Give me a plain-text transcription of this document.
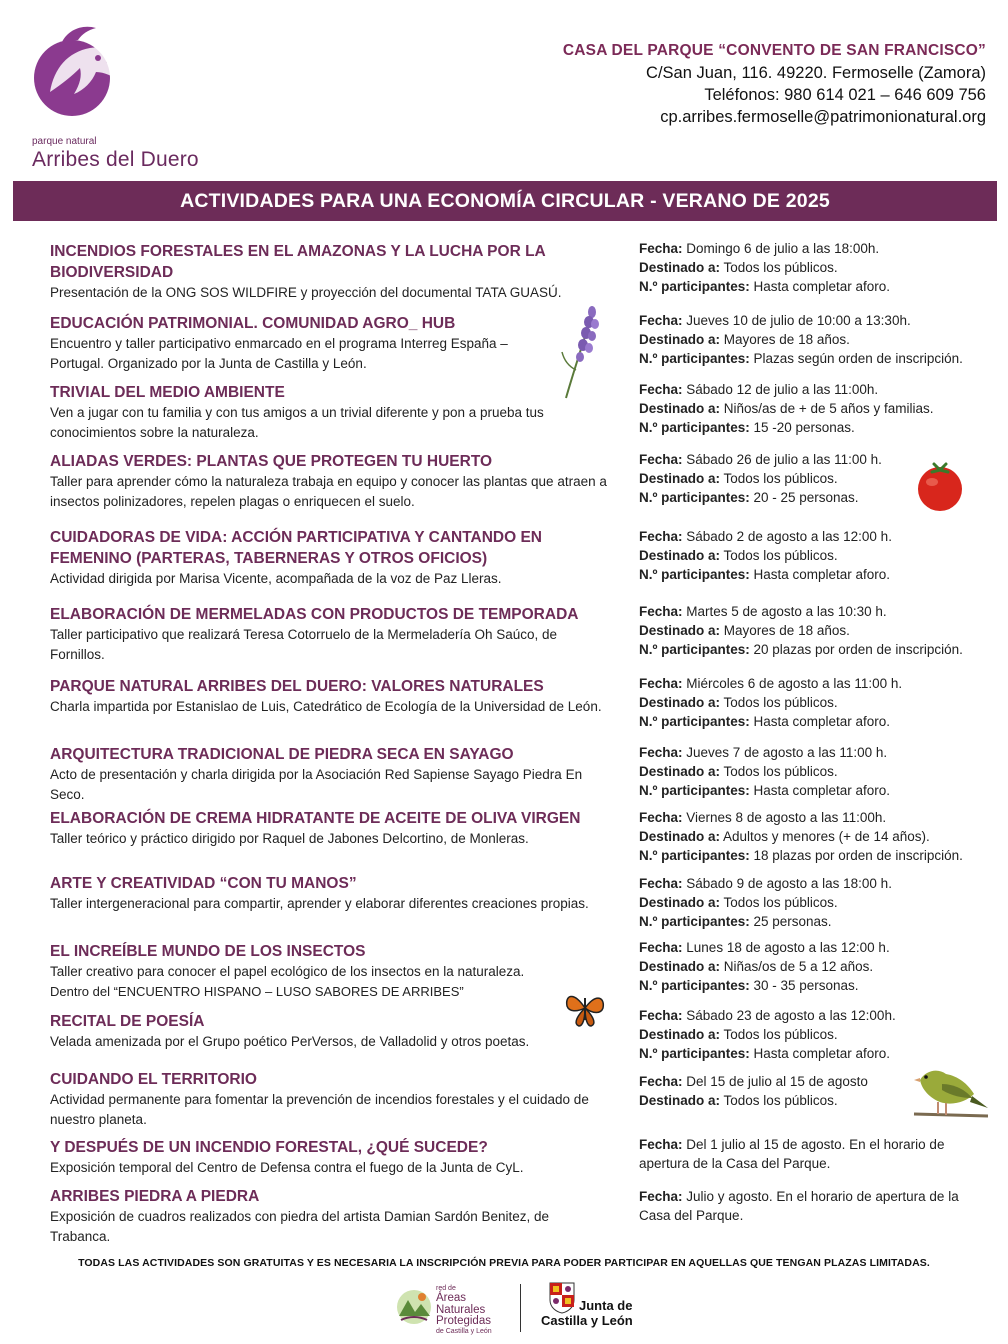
parque natural
Arribes del Duero
CASA DEL PARQUE “CONVENTO DE SAN FRANCISCO”
C/San Juan, 116. 49220. Fermoselle (Zamora)
Teléfonos: 980 614 021 – 646 609 756
cp.arribes.fermoselle@patrimonionatural.org
ACTIVIDADES PARA UNA ECONOMÍA CIRCULAR - VERANO DE 2025
INCENDIOS FORESTALES EN EL AMAZONAS Y LA LUCHA POR LA BIODIVERSIDAD
Presentación de la ONG SOS WILDFIRE y proyección del documental TATA GUASÚ.
EDUCACIÓN PATRIMONIAL. COMUNIDAD AGRO_ HUB
Encuentro y taller participativo enmarcado en el programa Interreg España – Portugal. Organizado por la Junta de Castilla y León.
TRIVIAL DEL MEDIO AMBIENTE
Ven a jugar con tu familia y con tus amigos a un trivial diferente y pon a prueba tus conocimientos sobre la naturaleza.
ALIADAS VERDES: PLANTAS QUE PROTEGEN TU HUERTO
Taller para aprender cómo la naturaleza trabaja en equipo y conocer las plantas que atraen a insectos polinizadores, repelen plagas o enriquecen el suelo.
CUIDADORAS DE VIDA: ACCIÓN PARTICIPATIVA Y CANTANDO EN FEMENINO (PARTERAS, TABERNERAS Y OTROS OFICIOS)
Actividad dirigida por Marisa Vicente, acompañada de la voz de Paz Lleras.
ELABORACIÓN DE MERMELADAS CON PRODUCTOS DE TEMPORADA
Taller participativo que realizará Teresa Cotorruelo de la Mermeladería Oh Saúco, de Fornillos.
PARQUE NATURAL ARRIBES DEL DUERO: VALORES NATURALES
Charla impartida por Estanislao de Luis, Catedrático de Ecología de la Universidad de León.
ARQUITECTURA TRADICIONAL DE PIEDRA SECA EN SAYAGO
Acto de presentación y charla dirigida por la Asociación Red Sapiense Sayago Piedra En Seco.
ELABORACIÓN DE CREMA HIDRATANTE DE ACEITE DE OLIVA VIRGEN
Taller teórico y práctico dirigido por Raquel de Jabones Delcortino, de Monleras.
ARTE Y CREATIVIDAD “CON TU MANOS”
Taller intergeneracional para compartir, aprender y elaborar diferentes creaciones propias.
EL INCREÍBLE MUNDO DE LOS INSECTOS
Taller creativo para conocer el papel ecológico de los insectos en la naturaleza.
Dentro del “ENCUENTRO HISPANO – LUSO SABORES DE ARRIBES”
RECITAL DE POESÍA
Velada amenizada por el Grupo poético PerVersos, de Valladolid y otros poetas.
CUIDANDO EL TERRITORIO
Actividad permanente para fomentar la prevención de incendios forestales y el cuidado de nuestro planeta.
Y DESPUÉS DE UN INCENDIO FORESTAL, ¿QUÉ SUCEDE?
Exposición temporal del Centro de Defensa contra el fuego de la Junta de CyL.
ARRIBES PIEDRA A PIEDRA
Exposición de cuadros realizados con piedra del artista Damian Sardón Benitez, de Trabanca.
Fecha: Domingo 6 de julio a las 18:00h.
Destinado a: Todos los públicos.
N.º participantes: Hasta completar aforo.
Fecha: Jueves 10 de julio de 10:00 a 13:30h.
Destinado a: Mayores de 18 años.
N.º participantes: Plazas según orden de inscripción.
Fecha: Sábado 12 de julio a las 11:00h.
Destinado a: Niños/as de + de 5 años y familias.
N.º participantes: 15 -20 personas.
Fecha: Sábado 26 de julio a las 11:00 h.
Destinado a: Todos los públicos.
N.º participantes: 20 - 25 personas.
Fecha: Sábado 2 de agosto a las 12:00 h.
Destinado a: Todos los públicos.
N.º participantes: Hasta completar aforo.
Fecha: Martes 5 de agosto a las 10:30 h.
Destinado a: Mayores de 18 años.
N.º participantes: 20 plazas por orden de inscripción.
Fecha: Miércoles 6 de agosto a las 11:00 h.
Destinado a: Todos los públicos.
N.º participantes: Hasta completar aforo.
Fecha: Jueves 7 de agosto a las 11:00 h.
Destinado a: Todos los públicos.
N.º participantes: Hasta completar aforo.
Fecha: Viernes 8 de agosto a las 11:00h.
Destinado a: Adultos y menores (+ de 14 años).
N.º participantes: 18 plazas por orden de inscripción.
Fecha: Sábado 9 de agosto a las 18:00 h.
Destinado a: Todos los públicos.
N.º participantes: 25 personas.
Fecha: Lunes 18 de agosto a las 12:00 h.
Destinado a: Niñas/os de 5 a 12 años.
N.º participantes: 30 - 35 personas.
Fecha: Sábado 23 de agosto a las 12:00h.
Destinado a: Todos los públicos.
N.º participantes: Hasta completar aforo.
Fecha: Del 15 de julio al 15 de agosto
Destinado a: Todos los públicos.
Fecha: Del 1 julio al 15 de agosto. En el horario de apertura de la Casa del Parque.
Fecha: Julio y agosto. En el horario de apertura de la Casa del Parque.
TODAS LAS ACTIVIDADES SON GRATUITAS Y ES NECESARIA LA INSCRIPCIÓN PREVIA PARA PODER PARTICIPAR EN AQUELLAS QUE TENGAN PLAZAS LIMITADAS.
red de
Áreas
Naturales
Protegidas
de Castilla y León
Junta de
Castilla y León
